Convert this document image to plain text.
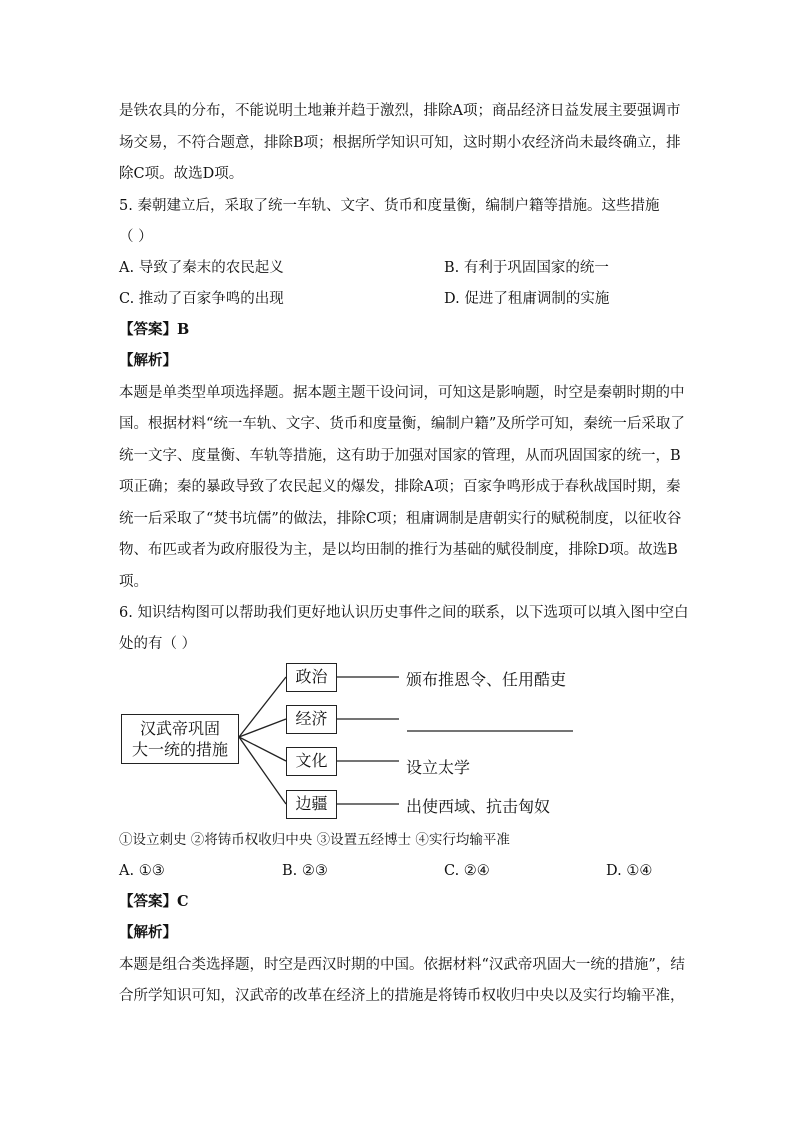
是铁农具的分布，不能说明土地兼并趋于激烈，排除A项；商品经济日益发展主要强调市
场交易，不符合题意，排除B项；根据所学知识可知，这时期小农经济尚未最终确立，排
除C项。故选D项。
5. 秦朝建立后，采取了统一车轨、文字、货币和度量衡，编制户籍等措施。这些措施
（ ）
A. 导致了秦末的农民起义	B. 有利于巩固国家的统一
C. 推动了百家争鸣的出现	D. 促进了租庸调制的实施
【答案】B
【解析】
本题是单类型单项选择题。据本题主题干设问词，可知这是影响题，时空是秦朝时期的中
国。根据材料“统一车轨、文字、货币和度量衡，编制户籍”及所学可知，秦统一后采取了
统一文字、度量衡、车轨等措施，这有助于加强对国家的管理，从而巩固国家的统一，B
项正确；秦的暴政导致了农民起义的爆发，排除A项；百家争鸣形成于春秋战国时期，秦
统一后采取了“焚书坑儒”的做法，排除C项；租庸调制是唐朝实行的赋税制度，以征收谷
物、布匹或者为政府服役为主，是以均田制的推行为基础的赋役制度，排除D项。故选B
项。
6. 知识结构图可以帮助我们更好地认识历史事件之间的联系，以下选项可以填入图中空白
处的有（ ）
汉武帝巩固
大一统的措施
政治
经济
文化
边疆
颁布推恩令、任用酷吏
设立太学
出使西域、抗击匈奴
①设立刺史 ②将铸币权收归中央 ③设置五经博士 ④实行均输平准
A. ①③	B. ②③	C. ②④	D. ①④
【答案】C
【解析】
本题是组合类选择题，时空是西汉时期的中国。依据材料“汉武帝巩固大一统的措施”，结
合所学知识可知，汉武帝的改革在经济上的措施是将铸币权收归中央以及实行均输平准，
